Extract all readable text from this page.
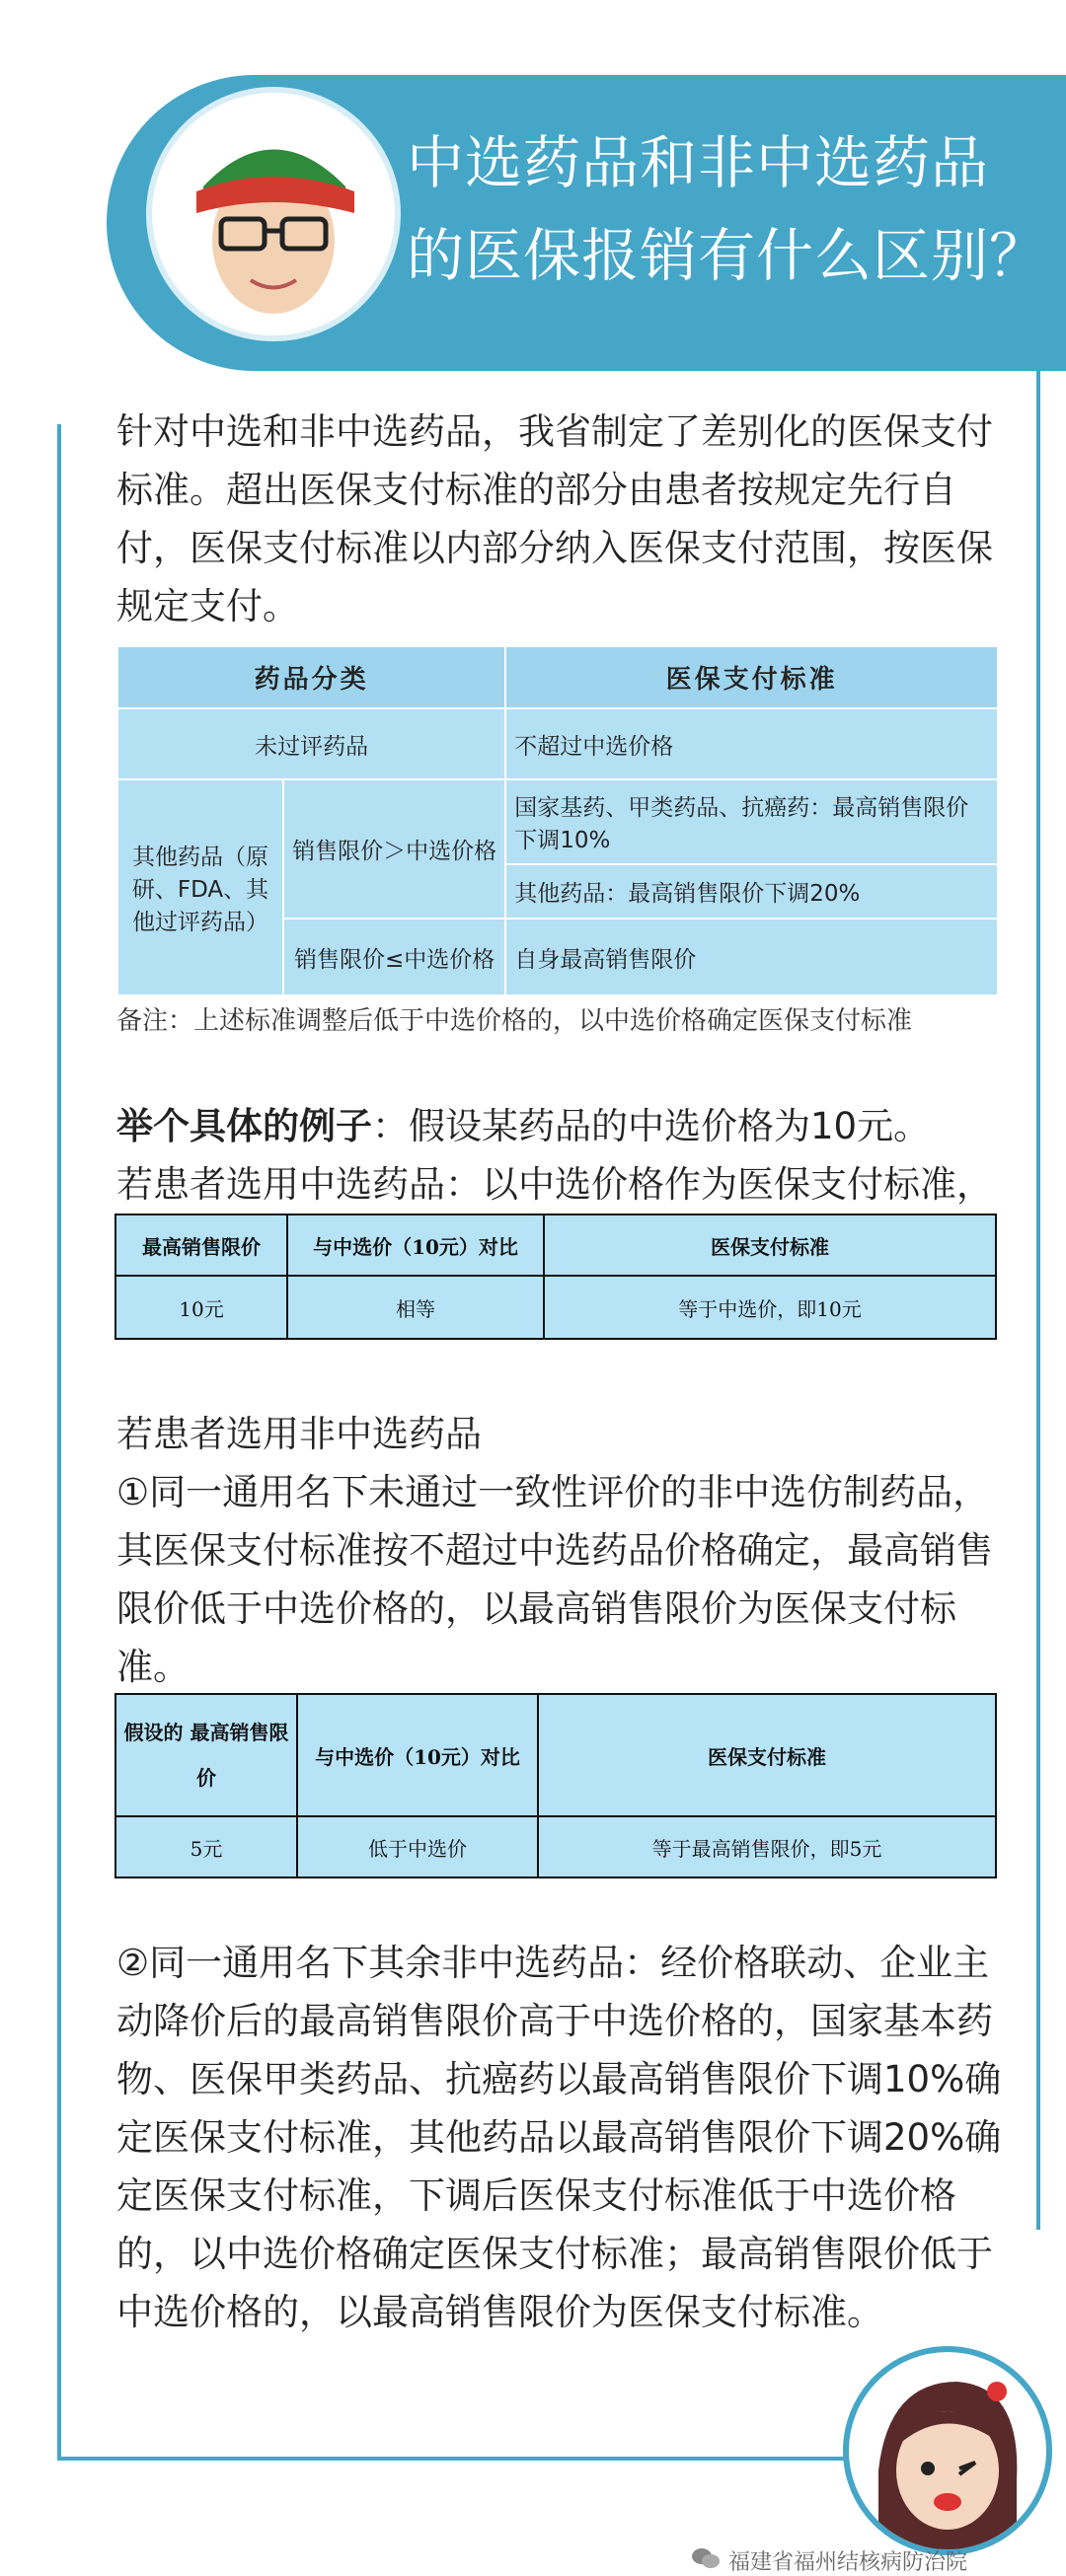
中选药品和非中选药品
的医保报销有什么区别？
针对中选和非中选药品，我省制定了差别化的医保支付标准。超出医保支付标准的部分由患者按规定先行自付，医保支付标准以内部分纳入医保支付范围，按医保规定支付。
药品分类		医保支付标准
未过评药品		不超过中选价格
其他药品（原研、FDA、其他过评药品）	销售限价＞中选价格	国家基药、甲类药品、抗癌药：最高销售限价下调10%
		其他药品：最高销售限价下调20%
	销售限价≤中选价格	自身最高销售限价
备注：上述标准调整后低于中选价格的，以中选价格确定医保支付标准
举个具体的例子：假设某药品的中选价格为10元。
若患者选用中选药品：以中选价格作为医保支付标准，
最高销售限价	与中选价（10元）对比	医保支付标准
10元	相等	等于中选价，即10元
若患者选用非中选药品
①同一通用名下未通过一致性评价的非中选仿制药品，其医保支付标准按不超过中选药品价格确定，最高销售限价低于中选价格的，以最高销售限价为医保支付标准。
假设的 最高销售限价	与中选价（10元）对比	医保支付标准
5元	低于中选价	等于最高销售限价，即5元
②同一通用名下其余非中选药品：经价格联动、企业主动降价后的最高销售限价高于中选价格的，国家基本药物、医保甲类药品、抗癌药以最高销售限价下调10%确定医保支付标准，其他药品以最高销售限价下调20%确定医保支付标准，下调后医保支付标准低于中选价格的，以中选价格确定医保支付标准；最高销售限价低于中选价格的，以最高销售限价为医保支付标准。
福建省福州结核病防治院
